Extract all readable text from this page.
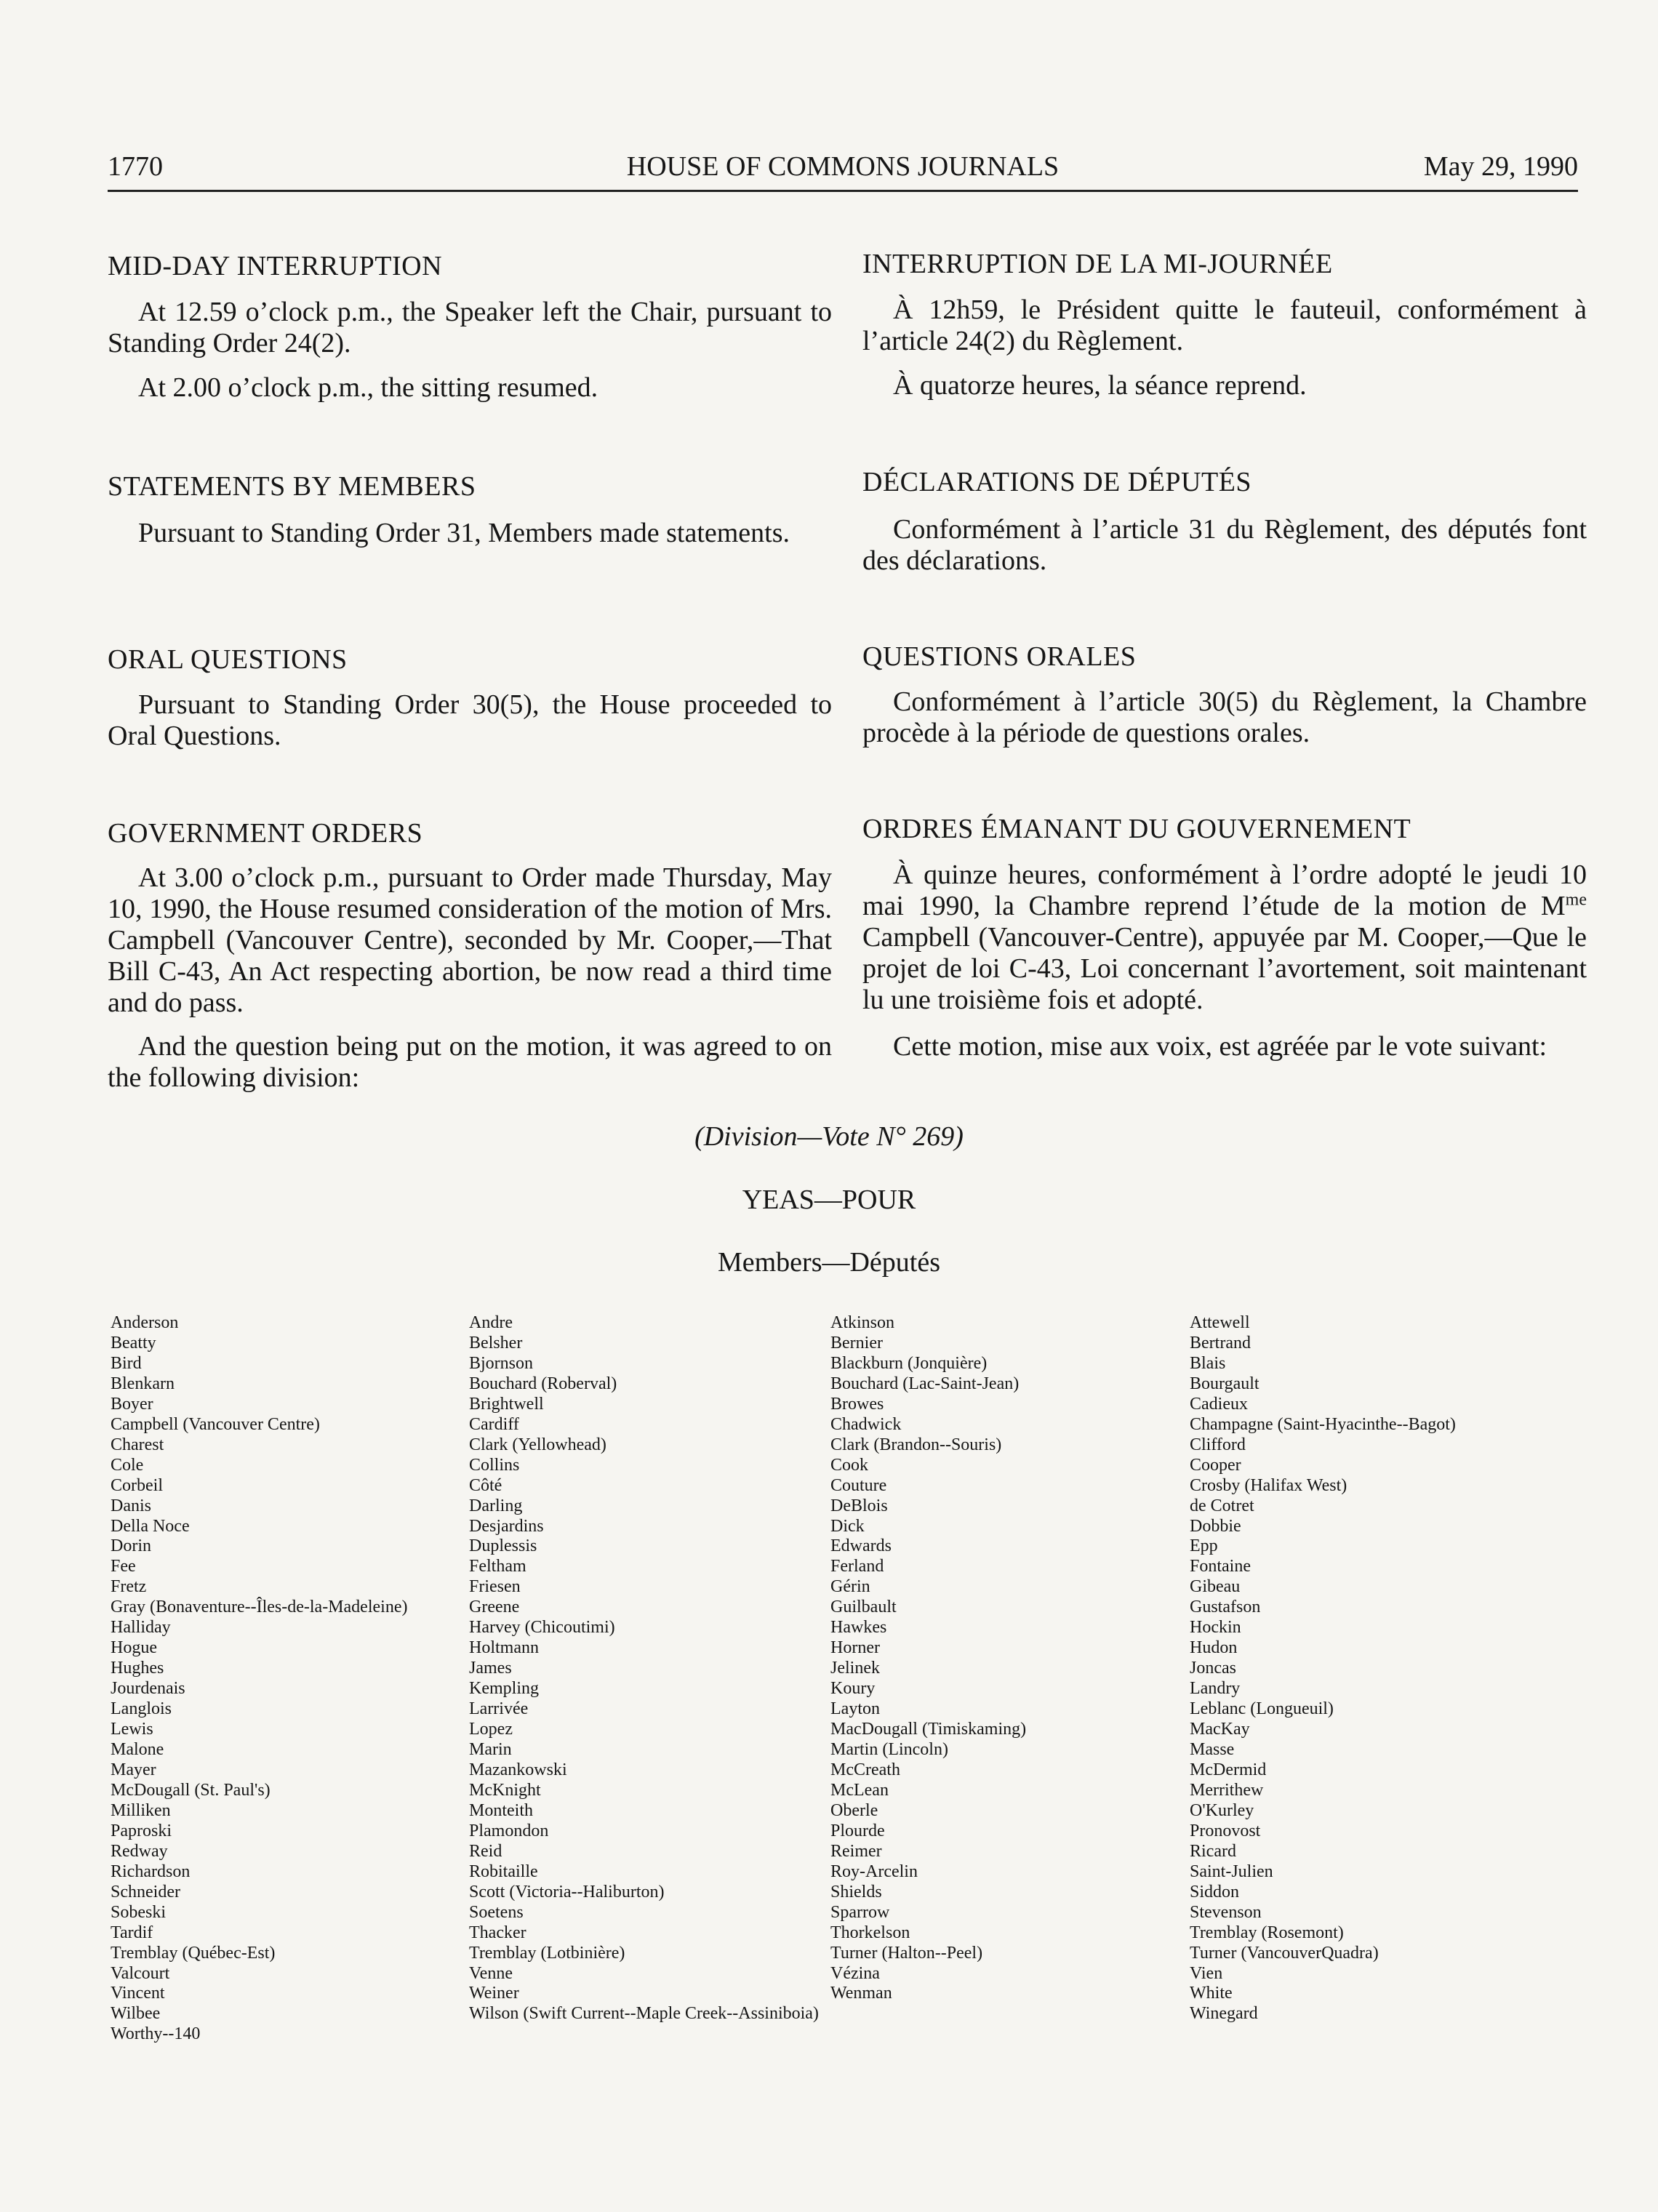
1770	HOUSE OF COMMONS JOURNALS	May 29, 1990
MID-DAY INTERRUPTION

At 12.59 o’clock p.m., the Speaker left the Chair, pursuant to Standing Order 24(2).

At 2.00 o’clock p.m., the sitting resumed.

STATEMENTS BY MEMBERS

Pursuant to Standing Order 31, Members made statements.

ORAL QUESTIONS

Pursuant to Standing Order 30(5), the House proceeded to Oral Questions.

GOVERNMENT ORDERS

At 3.00 o’clock p.m., pursuant to Order made Thursday, May 10, 1990, the House resumed consideration of the motion of Mrs. Campbell (Vancouver Centre), seconded by Mr. Cooper,—That Bill C-43, An Act respecting abortion, be now read a third time and do pass.

And the question being put on the motion, it was agreed to on the following division:

INTERRUPTION DE LA MI-JOURNÉE

À 12h59, le Président quitte le fauteuil, conformément à l’article 24(2) du Règlement.

À quatorze heures, la séance reprend.

DÉCLARATIONS DE DÉPUTÉS

Conformément à l’article 31 du Règlement, des députés font des déclarations.

QUESTIONS ORALES

Conformément à l’article 30(5) du Règlement, la Chambre procède à la période de questions orales.

ORDRES ÉMANANT DU GOUVERNEMENT

À quinze heures, conformément à l’ordre adopté le jeudi 10 mai 1990, la Chambre reprend l’étude de la motion de $M^{me}$ Campbell (Vancouver-Centre), appuyée par M. Cooper,—Que le projet de loi C-43, Loi concernant l’avortement, soit maintenant lu une troisième fois et adopté.

Cette motion, mise aux voix, est agréée par le vote suivant:

(Division—Vote N° 269)
YEAS—POUR
Members—Députés
Anderson
Beatty
Bird
Blenkarn
Boyer
Campbell (Vancouver Centre)
Charest
Cole
Corbeil
Danis
Della Noce
Dorin
Fee
Fretz
Gray (Bonaventure--Îles-de-la-Madeleine)
Halliday
Hogue
Hughes
Jourdenais
Langlois
Lewis
Malone
Mayer
McDougall (St. Paul's)
Milliken
Paproski
Redway
Richardson
Schneider
Sobeski
Tardif
Tremblay (Québec-Est)
Valcourt
Vincent
Wilbee
Worthy--140
Andre
Belsher
Bjornson
Bouchard (Roberval)
Brightwell
Cardiff
Clark (Yellowhead)
Collins
Côté
Darling
Desjardins
Duplessis
Feltham
Friesen
Greene
Harvey (Chicoutimi)
Holtmann
James
Kempling
Larrivée
Lopez
Marin
Mazankowski
McKnight
Monteith
Plamondon
Reid
Robitaille
Scott (Victoria--Haliburton)
Soetens
Thacker
Tremblay (Lotbinière)
Venne
Weiner
Wilson (Swift Current--Maple Creek--Assiniboia)
Atkinson
Bernier
Blackburn (Jonquière)
Bouchard (Lac-Saint-Jean)
Browes
Chadwick
Clark (Brandon--Souris)
Cook
Couture
DeBlois
Dick
Edwards
Ferland
Gérin
Guilbault
Hawkes
Horner
Jelinek
Koury
Layton
MacDougall (Timiskaming)
Martin (Lincoln)
McCreath
McLean
Oberle
Plourde
Reimer
Roy-Arcelin
Shields
Sparrow
Thorkelson
Turner (Halton--Peel)
Vézina
Wenman
Attewell
Bertrand
Blais
Bourgault
Cadieux
Champagne (Saint-Hyacinthe--Bagot)
Clifford
Cooper
Crosby (Halifax West)
de Cotret
Dobbie
Epp
Fontaine
Gibeau
Gustafson
Hockin
Hudon
Joncas
Landry
Leblanc (Longueuil)
MacKay
Masse
McDermid
Merrithew
O'Kurley
Pronovost
Ricard
Saint-Julien
Siddon
Stevenson
Tremblay (Rosemont)
Turner (VancouverQuadra)
Vien
White
Winegard
